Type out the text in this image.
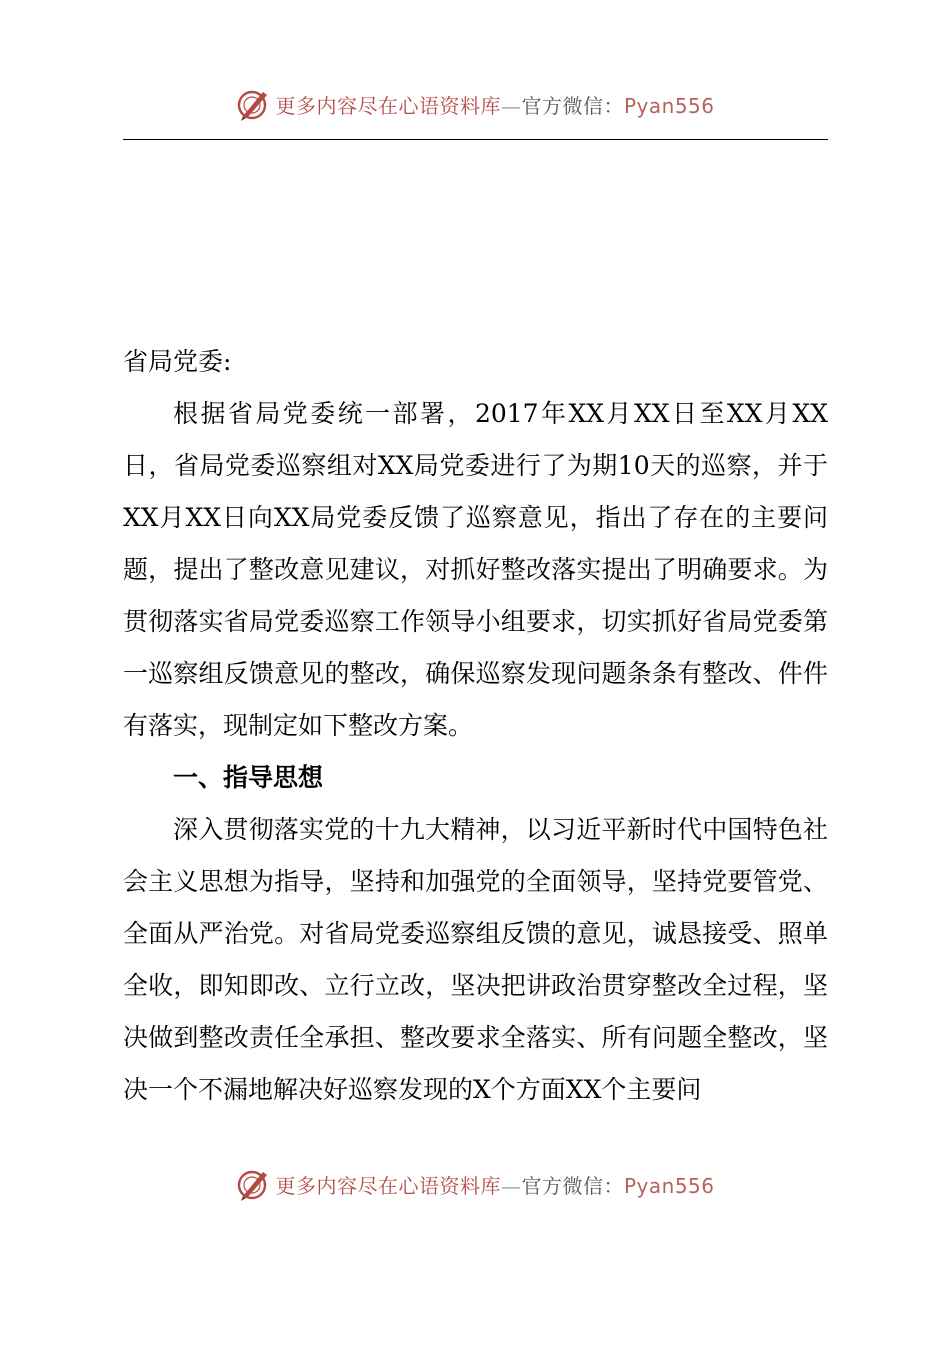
更多内容尽在心语资料库—官方微信：Pyan556

省局党委:

根据省局党委统一部署，2017年XX月XX日至XX月XX日，省局党委巡察组对XX局党委进行了为期10天的巡察，并于XX月XX日向XX局党委反馈了巡察意见，指出了存在的主要问题，提出了整改意见建议，对抓好整改落实提出了明确要求。为贯彻落实省局党委巡察工作领导小组要求，切实抓好省局党委第一巡察组反馈意见的整改，确保巡察发现问题条条有整改、件件有落实，现制定如下整改方案。

一、指导思想

深入贯彻落实党的十九大精神，以习近平新时代中国特色社会主义思想为指导，坚持和加强党的全面领导，坚持党要管党、全面从严治党。对省局党委巡察组反馈的意见，诚恳接受、照单全收，即知即改、立行立改，坚决把讲政治贯穿整改全过程，坚决做到整改责任全承担、整改要求全落实、所有问题全整改，坚决一个不漏地解决好巡察发现的X个方面XX个主要问

更多内容尽在心语资料库—官方微信：Pyan556
